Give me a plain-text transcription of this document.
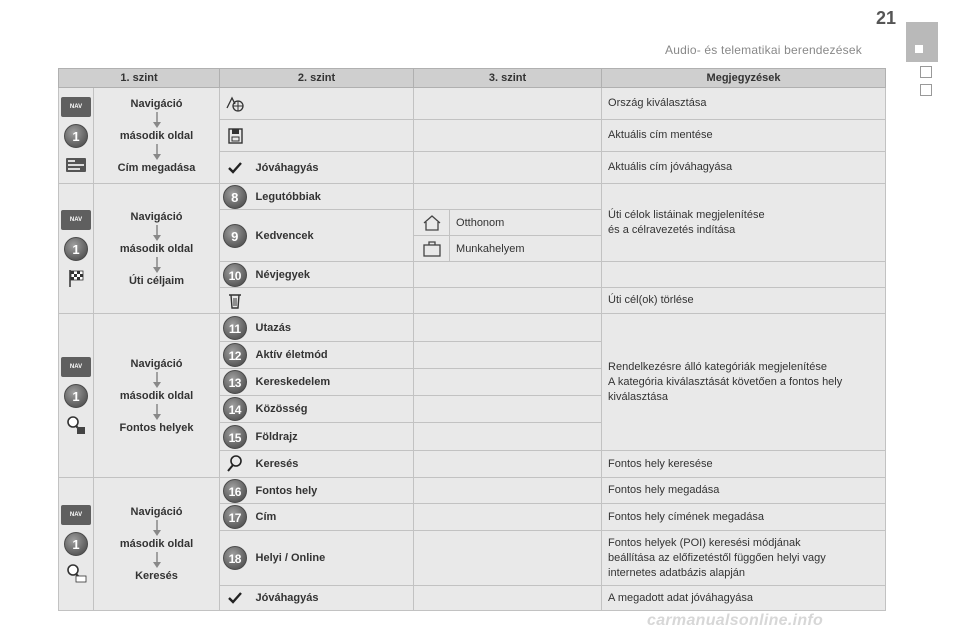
21
Audio- és telematikai berendezések
carmanualsonline.info
1. szint		2. szint		3. szint		Megjegyzések

NAV
1	Navigáció
második oldal
Cím megadása					Ország kiválasztása
			Aktuális cím mentése
	Jóváhagyás			Aktuális cím jóváhagyása

NAV
1	Navigáció
második oldal
Úti céljaim	8	Legutóbbiak			Úti célok listáinak megjelenítése
és a célravezetés indítása

		9	Kedvencek		Otthonom	
	Munkahelyem	
		10	Névjegyek			
			Úti cél(ok) törlése

NAV
1	Navigáció
második oldal
Fontos helyek	11	Utazás			Rendelkezésre álló kategóriák megjelenítése
A kategória kiválasztását követően a fontos hely
kiválasztása

		12	Aktív életmód			
		13	Kereskedelem			
		14	Közösség			
		15	Földrajz			
	Keresés			Fontos hely keresése

NAV
1	Navigáció
második oldal
Keresés	16	Fontos hely			Fontos hely megadása
		17	Cím			Fontos hely címének megadása
		18	Helyi / Online			Fontos helyek (POI) keresési módjának
beállítása az előfizetéstől függően helyi vagy
internetes adatbázis alapján

	Jóváhagyás			A megadott adat jóváhagyása
